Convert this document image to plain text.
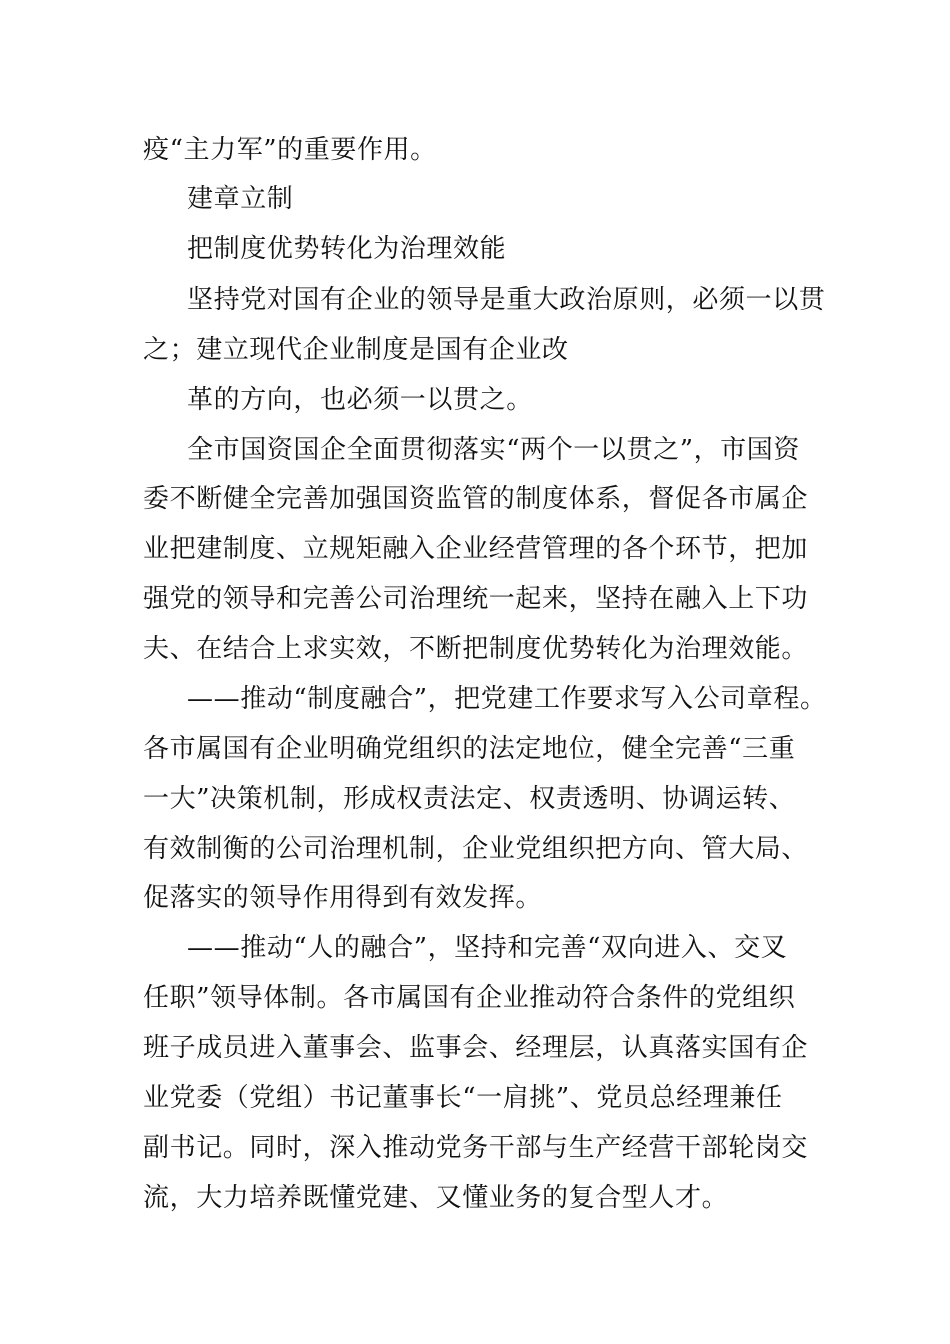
疫“主力军”的重要作用。
建章立制
把制度优势转化为治理效能
坚持党对国有企业的领导是重大政治原则，必须一以贯
之；建立现代企业制度是国有企业改
革的方向，也必须一以贯之。
全市国资国企全面贯彻落实“两个一以贯之”，市国资
委不断健全完善加强国资监管的制度体系，督促各市属企
业把建制度、立规矩融入企业经营管理的各个环节，把加
强党的领导和完善公司治理统一起来，坚持在融入上下功
夫、在结合上求实效，不断把制度优势转化为治理效能。
——推动“制度融合”，把党建工作要求写入公司章程。
各市属国有企业明确党组织的法定地位，健全完善“三重
一大”决策机制，形成权责法定、权责透明、协调运转、
有效制衡的公司治理机制，企业党组织把方向、管大局、
促落实的领导作用得到有效发挥。
——推动“人的融合”，坚持和完善“双向进入、交叉
任职”领导体制。各市属国有企业推动符合条件的党组织
班子成员进入董事会、监事会、经理层，认真落实国有企
业党委（党组）书记董事长“一肩挑”、党员总经理兼任
副书记。同时，深入推动党务干部与生产经营干部轮岗交
流，大力培养既懂党建、又懂业务的复合型人才。
